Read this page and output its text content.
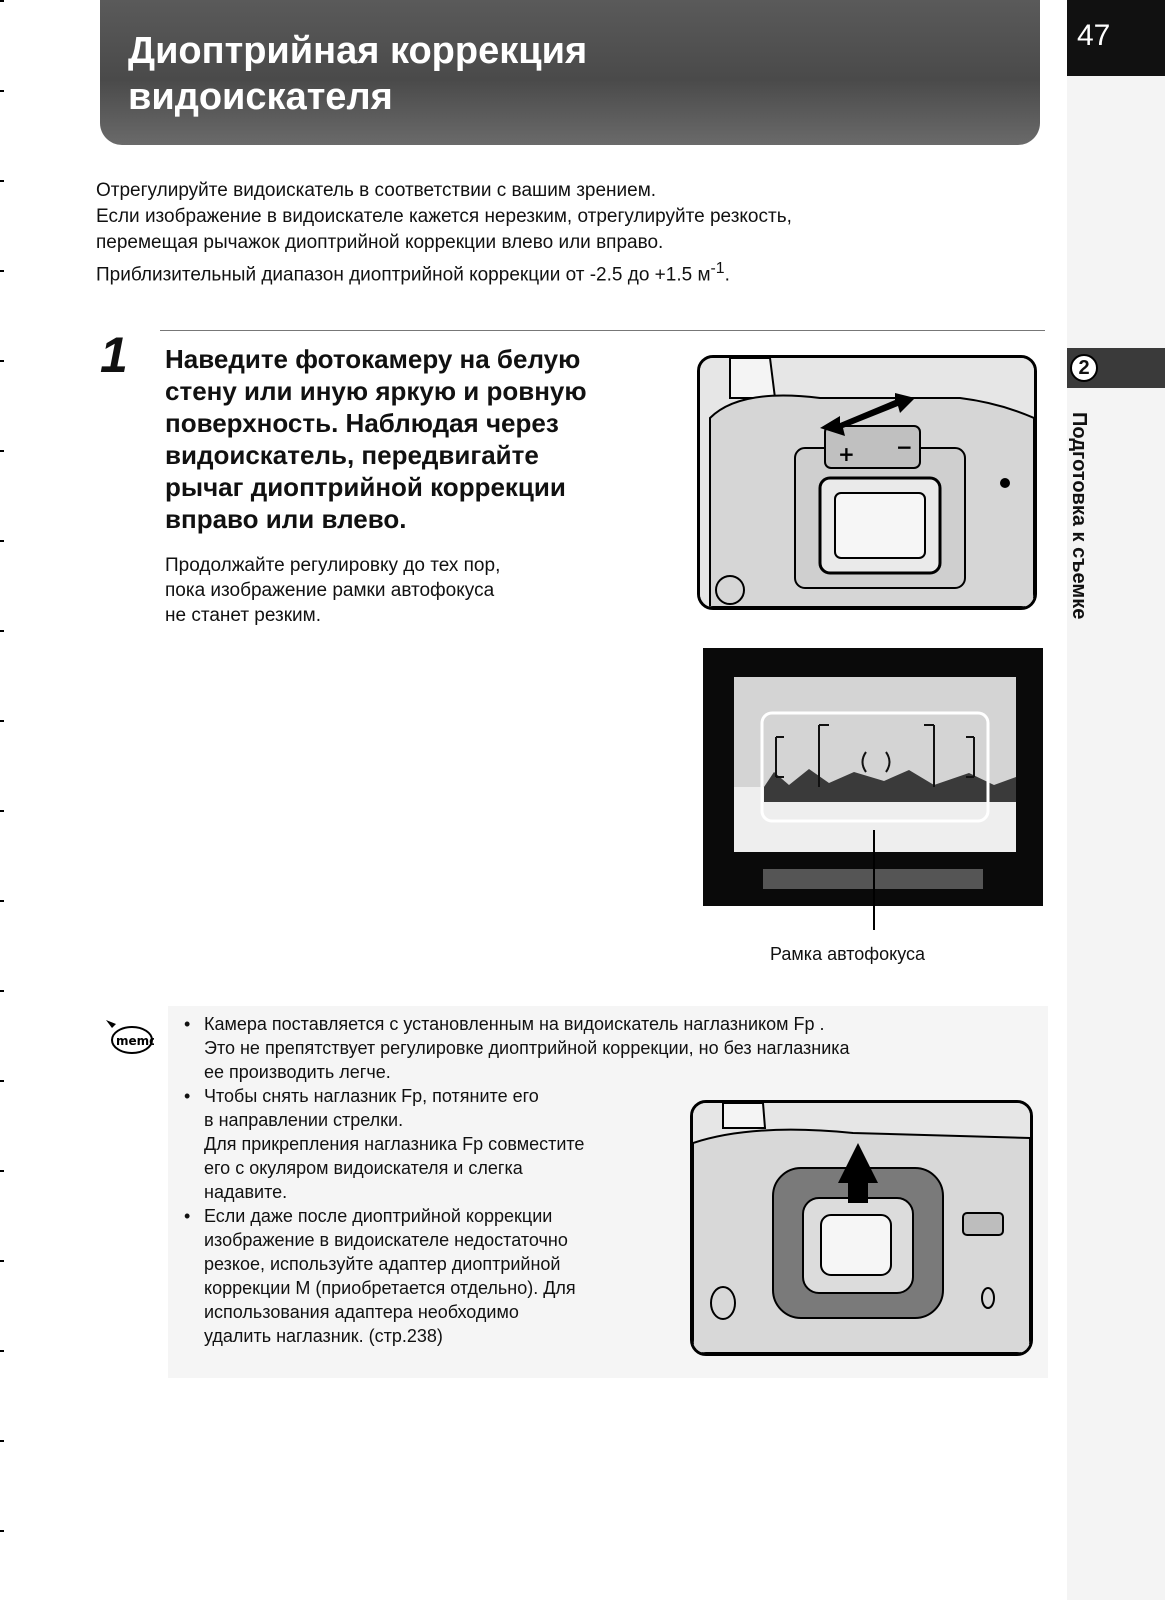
Диоптрийная коррекция
видоискателя
47
2
Подготовка к съемке

Отрегулируйте видоискатель в соответствии с вашим зрением.

Если изображение в видоискателе кажется нерезким, отрегулируйте резкость,

перемещая рычажок диоптрийной коррекции влево или вправо.

Приблизительный диапазон диоптрийной коррекции от -2.5 до +1.5 $м^{-1}$.

1 Наведите фотокамеру на белую
стену или иную яркую и ровную
поверхность. Наблюдая через
видоискатель, передвигайте
рычаг диоптрийной коррекции
вправо или влево.
Продолжайте регулировку до тех пор,
пока изображение рамки автофокуса
не станет резким.
+ −
Рамка автофокуса
memo
• Камера поставляется с установленным на видоискатель наглазником Fp .
Это не препятствует регулировке диоптрийной коррекции, но без наглазника
ее производить легче.
• Чтобы снять наглазник Fp, потяните его
в направлении стрелки.
Для прикрепления наглазника Fp совместите
его с окуляром видоискателя и слегка
надавите.
• Если даже после диоптрийной коррекции
изображение в видоискателе недостаточно
резкое, используйте адаптер диоптрийной
коррекции М (приобретается отдельно). Для
использования адаптера необходимо
удалить наглазник. (стр.238)
